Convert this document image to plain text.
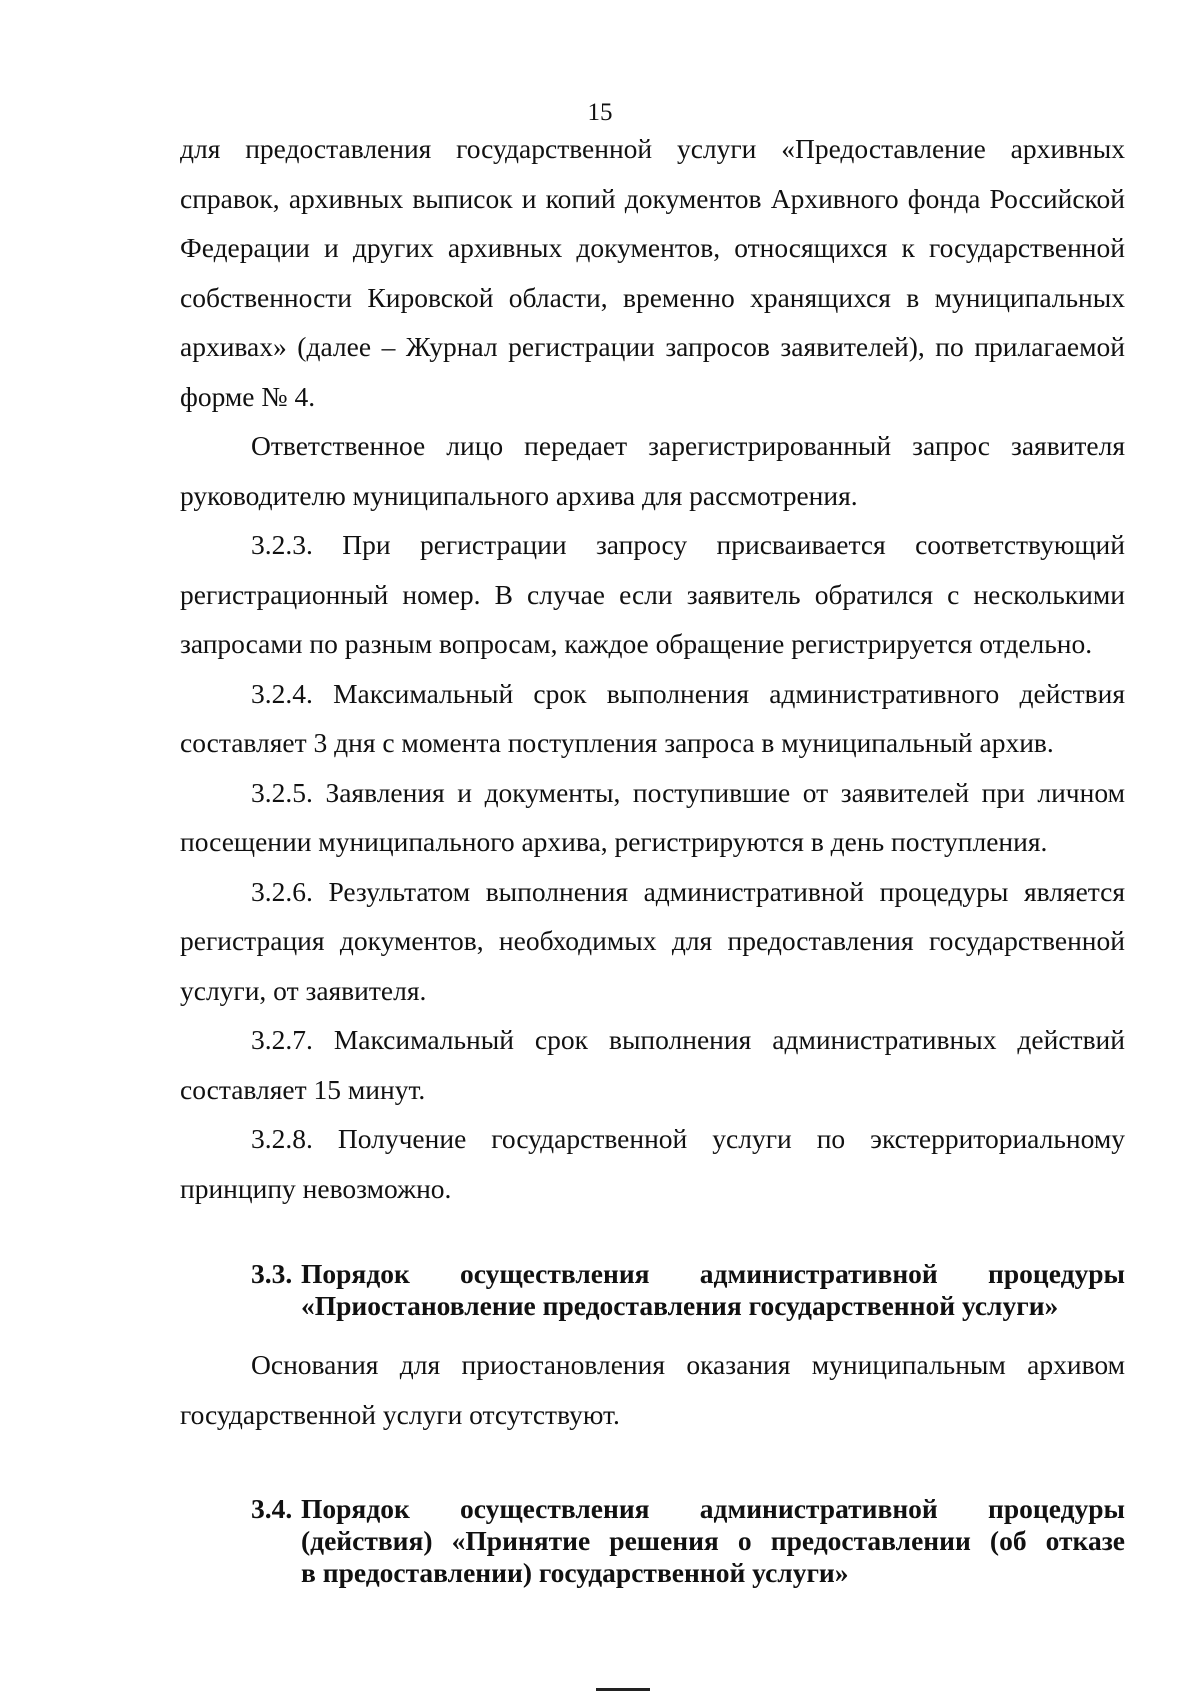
15

для предоставления государственной услуги «Предоставление архивных справок, архивных выписок и копий документов Архивного фонда Российской Федерации и других архивных документов, относящихся к государственной собственности Кировской области, временно хранящихся в муниципальных архивах» (далее – Журнал регистрации запросов заявителей), по прилагаемой форме № 4.

Ответственное лицо передает зарегистрированный запрос заявителя руководителю муниципального архива для рассмотрения.

3.2.3. При регистрации запросу присваивается соответствующий регистрационный номер. В случае если заявитель обратился с несколькими запросами по разным вопросам, каждое обращение регистрируется отдельно.

3.2.4. Максимальный срок выполнения административного действия составляет 3 дня с момента поступления запроса в муниципальный архив.

3.2.5. Заявления и документы, поступившие от заявителей при личном посещении муниципального архива, регистрируются в день поступления.

3.2.6. Результатом выполнения административной процедуры является регистрация документов, необходимых для предоставления государственной услуги, от заявителя.

3.2.7. Максимальный срок выполнения административных действий составляет 15 минут.

3.2.8. Получение государственной услуги по экстерриториальному принципу невозможно.

3.3. Порядок осуществления административной процедуры
«Приостановление предоставления государственной услуги»

Основания для приостановления оказания муниципальным архивом государственной услуги отсутствуют.

3.4. Порядок осуществления административной процедуры
(действия) «Принятие решения о предоставлении (об отказе
в предоставлении) государственной услуги»
